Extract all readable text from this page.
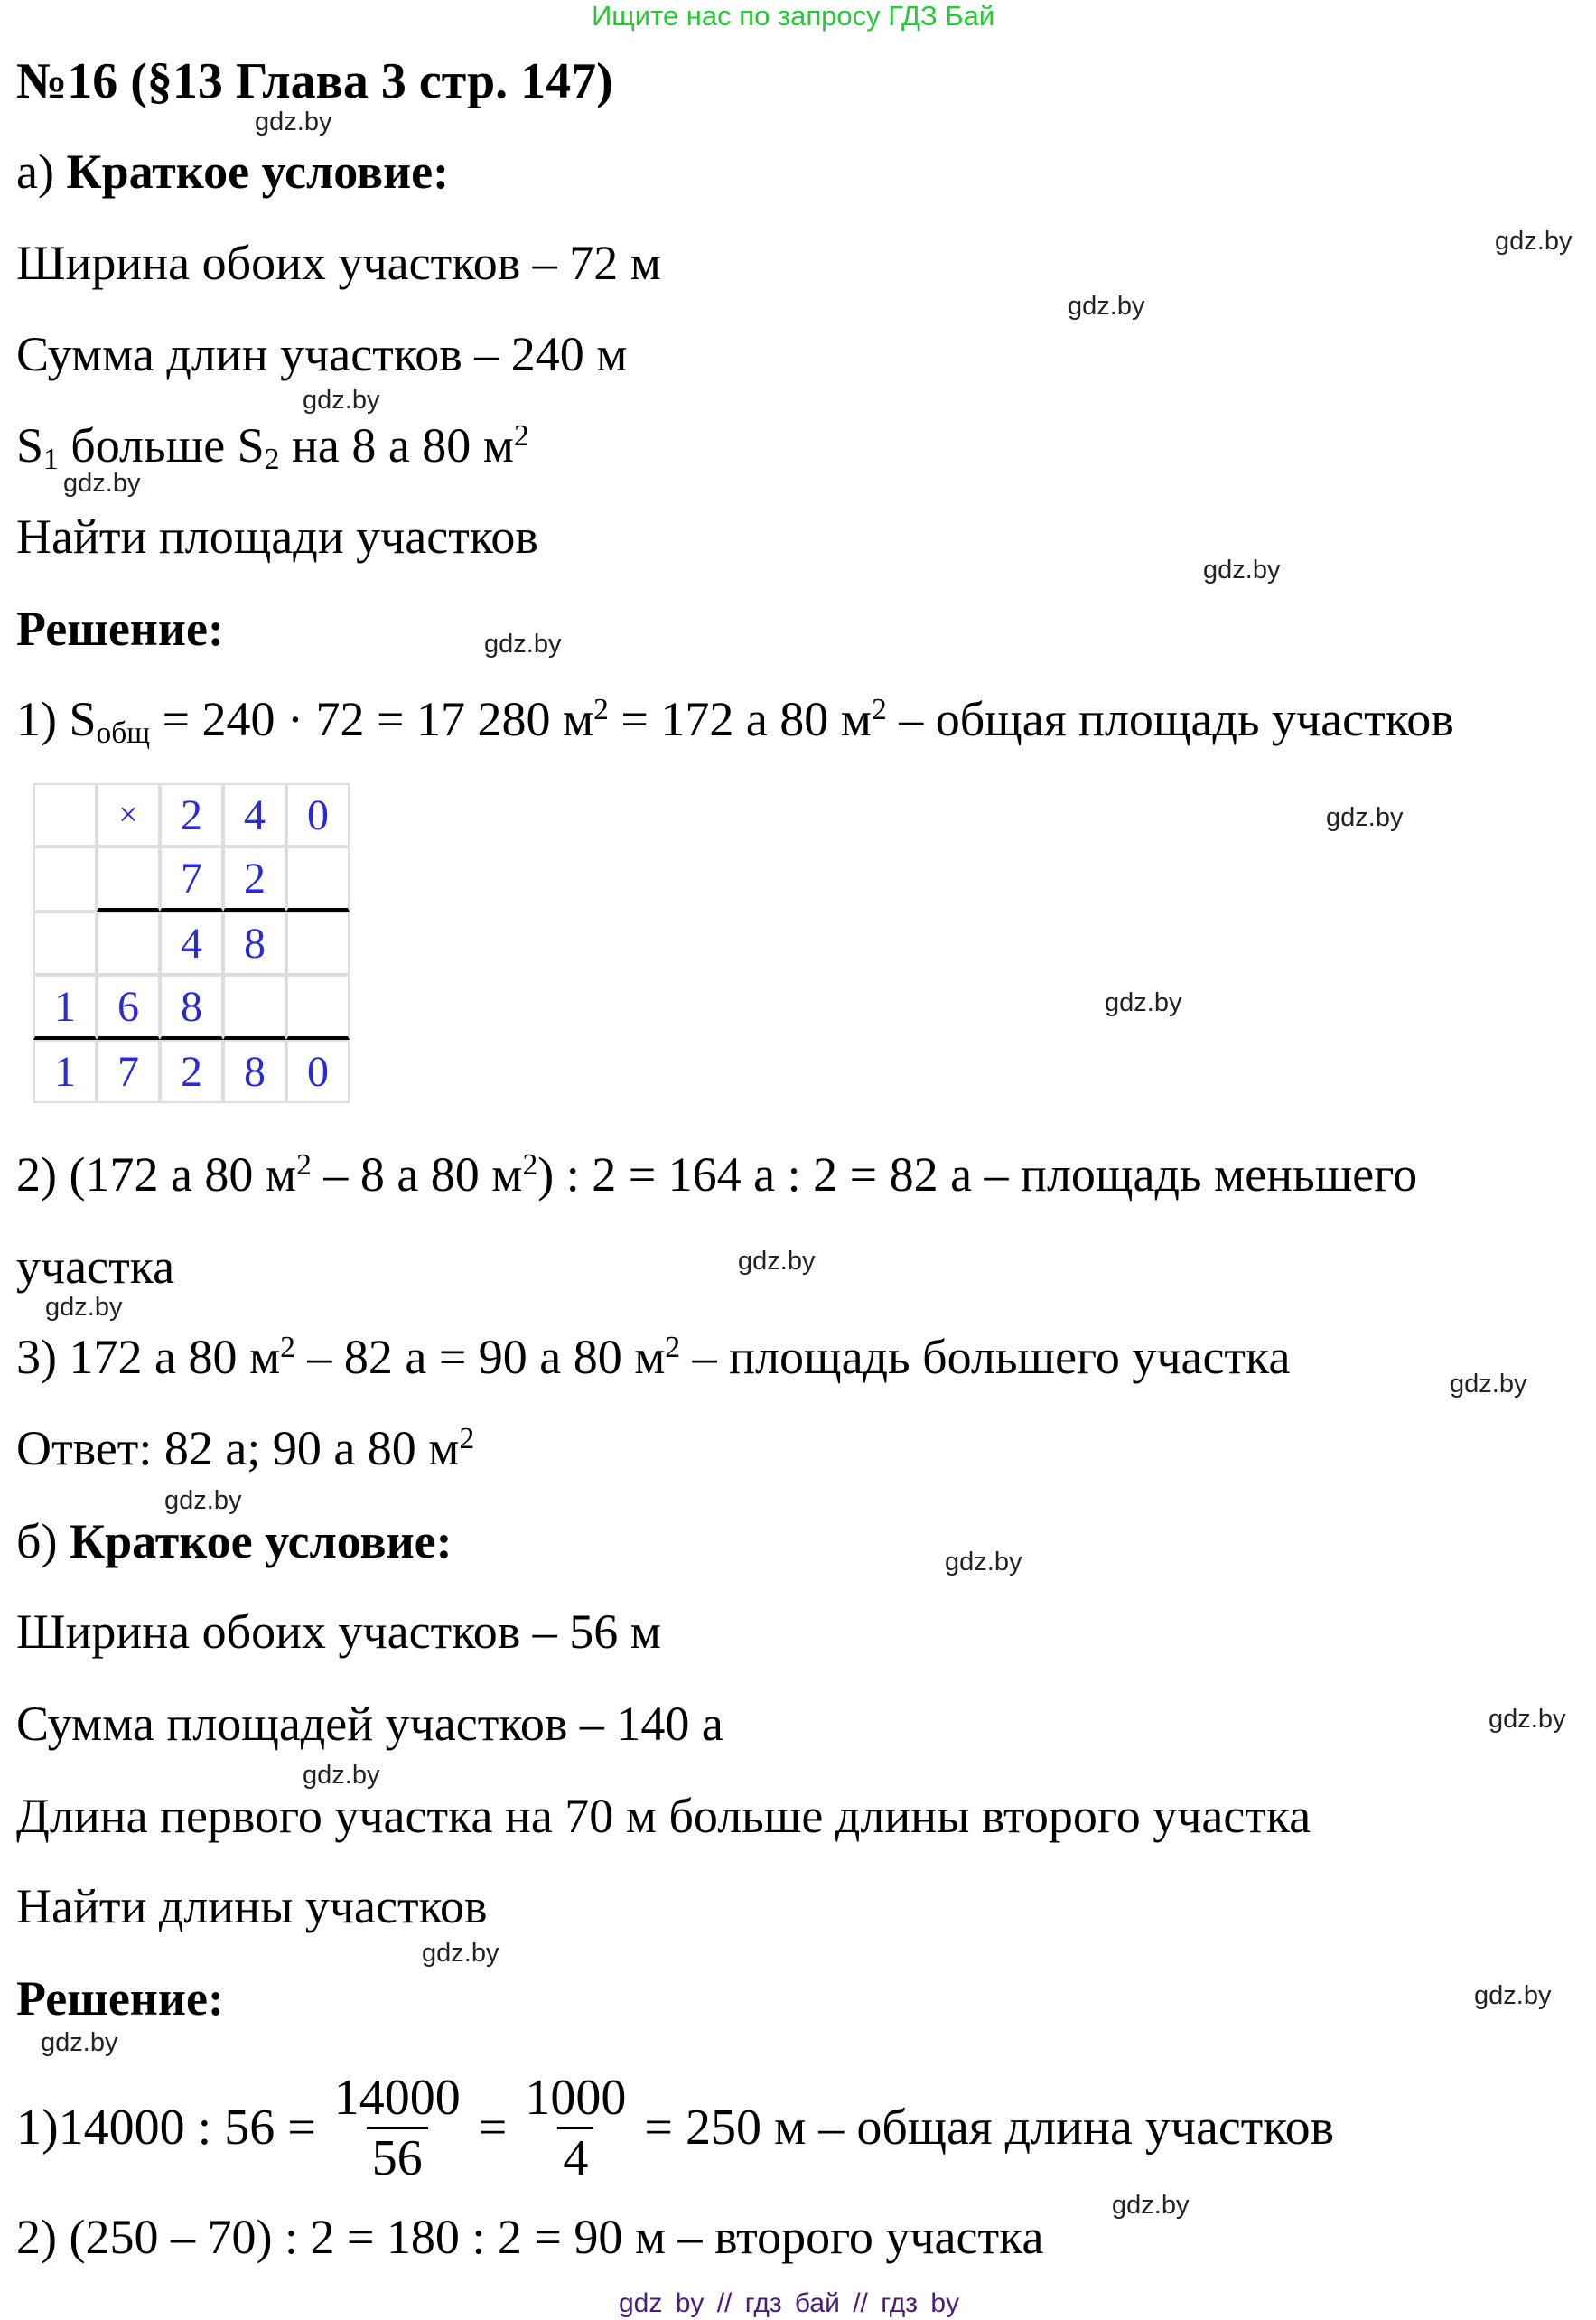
Ищите нас по запросу ГДЗ Бай
№16 (§13 Глава 3 стр. 147)
gdz.by
gdz.by
gdz.by
gdz.by
gdz.by
gdz.by
gdz.by
gdz.by
gdz.by
gdz.by
gdz.by
gdz.by
gdz.by
gdz.by
gdz.by
gdz.by
gdz.by
gdz.by
gdz.by
gdz.by
а) Краткое условие:
Ширина обоих участков – 72 м
Сумма длин участков – 240 м
$S_1$ больше $S_2$ на 8 а 80 $м^2$
Найти площади участков
Решение:
1) $S_{общ} = 240 \cdot 72 = 17$ 280 $м^2 = 172$ а 80 $м^2$ – общая площадь участков
	×	2	4	0
		7	2	
		4	8	
1	6	8		
1	7	2	8	0
2) (172 а 80 $м^2 - 8$ а 80 $м^2$) : 2 = 164 а : 2 = 82 а – площадь меньшего
участка
3) 172 а 80 $м^2 - 82$ а = 90 а 80 $м^2$ – площадь большего участка
Ответ: 82 а; 90 а 80 $м^2$
б) Краткое условие:
Ширина обоих участков – 56 м
Сумма площадей участков – 140 а
Длина первого участка на 70 м больше длины второго участка
Найти длины участков
Решение:
1)14000 : $56 = \frac{14000}{56} = \frac{1000}{4} = 250$ м – общая длина участков
2) (250 – 70) : 2 = 180 : 2 = 90 м – второго участка
gdz by // гдз бай // гдз by
